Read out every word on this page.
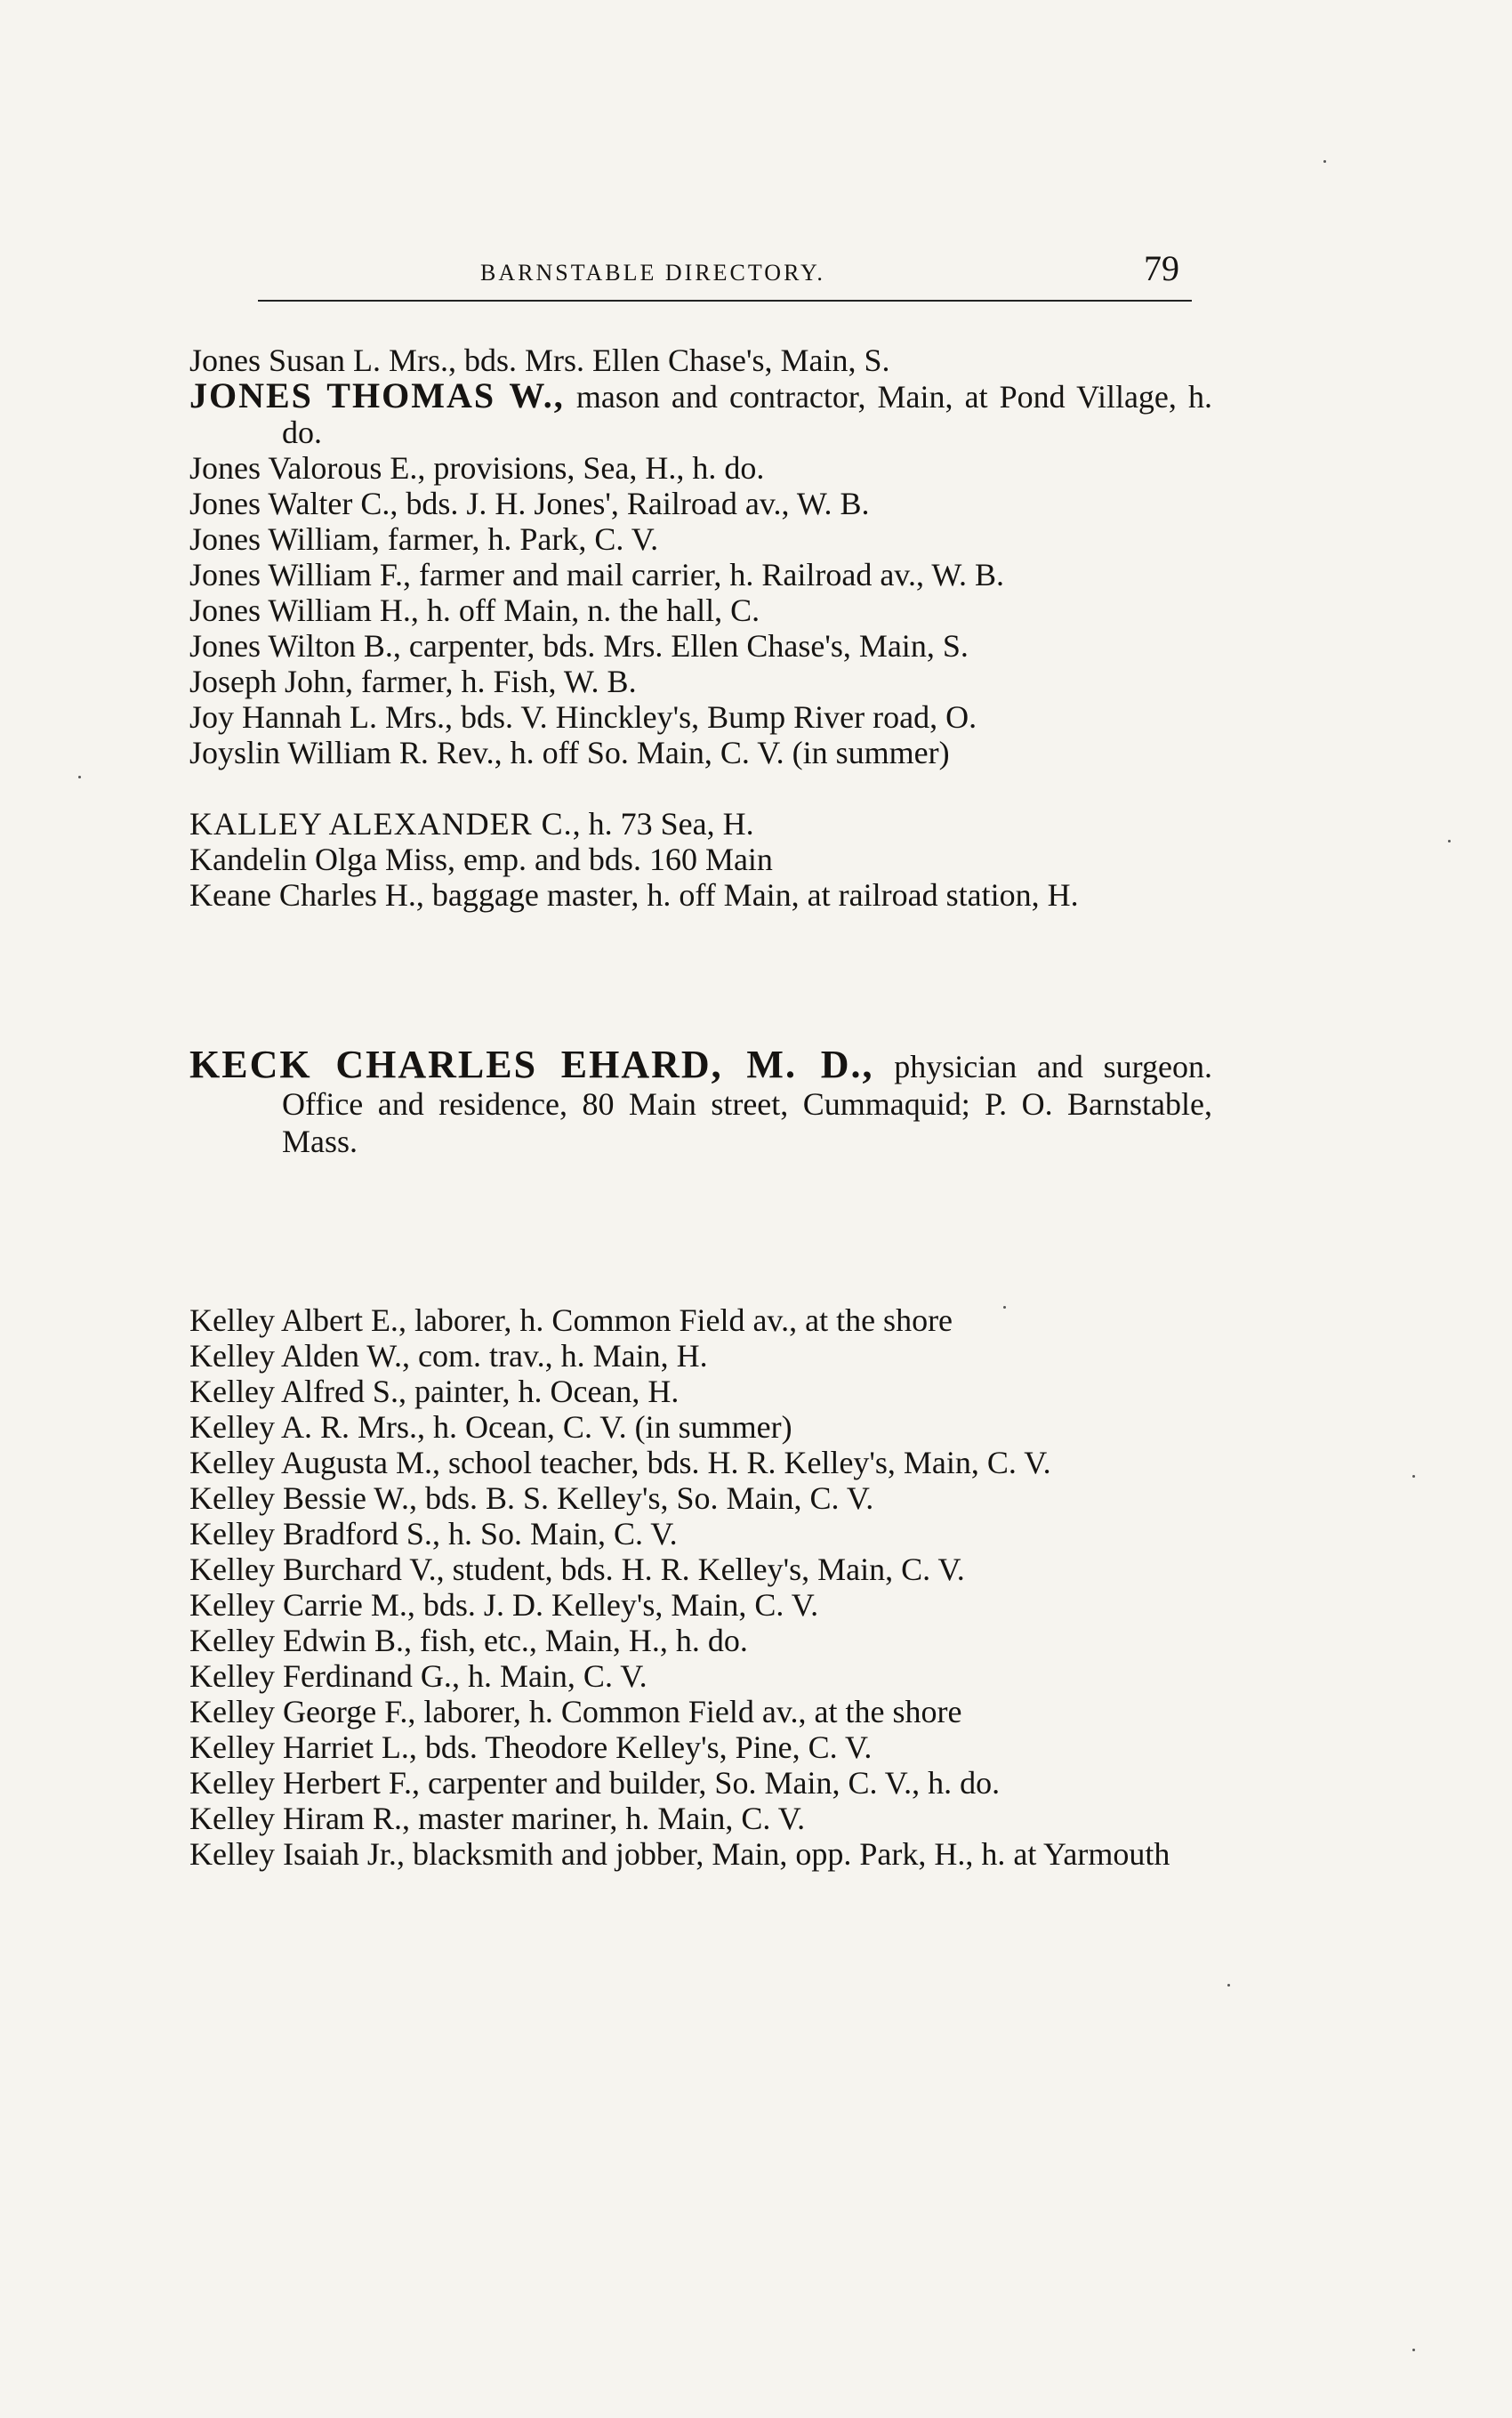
BARNSTABLE DIRECTORY.	79

Jones Susan L. Mrs., bds. Mrs. Ellen Chase's, Main, S.

JONES THOMAS W., mason and contractor, Main, at Pond Village, h. do.

Jones Valorous E., provisions, Sea, H., h. do.

Jones Walter C., bds. J. H. Jones', Railroad av., W. B.

Jones William, farmer, h. Park, C. V.

Jones William F., farmer and mail carrier, h. Railroad av., W. B.

Jones William H., h. off Main, n. the hall, C.

Jones Wilton B., carpenter, bds. Mrs. Ellen Chase's, Main, S.

Joseph John, farmer, h. Fish, W. B.

Joy Hannah L. Mrs., bds. V. Hinckley's, Bump River road, O.

Joyslin William R. Rev., h. off So. Main, C. V. (in summer)

KALLEY ALEXANDER C., h. 73 Sea, H.

Kandelin Olga Miss, emp. and bds. 160 Main

Keane Charles H., baggage master, h. off Main, at railroad station, H.

KECK CHARLES EHARD, M. D., physician and surgeon. Office and residence, 80 Main street, Cummaquid; P. O. Barnstable, Mass.

Kelley Albert E., laborer, h. Common Field av., at the shore

Kelley Alden W., com. trav., h. Main, H.

Kelley Alfred S., painter, h. Ocean, H.

Kelley A. R. Mrs., h. Ocean, C. V. (in summer)

Kelley Augusta M., school teacher, bds. H. R. Kelley's, Main, C. V.

Kelley Bessie W., bds. B. S. Kelley's, So. Main, C. V.

Kelley Bradford S., h. So. Main, C. V.

Kelley Burchard V., student, bds. H. R. Kelley's, Main, C. V.

Kelley Carrie M., bds. J. D. Kelley's, Main, C. V.

Kelley Edwin B., fish, etc., Main, H., h. do.

Kelley Ferdinand G., h. Main, C. V.

Kelley George F., laborer, h. Common Field av., at the shore

Kelley Harriet L., bds. Theodore Kelley's, Pine, C. V.

Kelley Herbert F., carpenter and builder, So. Main, C. V., h. do.

Kelley Hiram R., master mariner, h. Main, C. V.

Kelley Isaiah Jr., blacksmith and jobber, Main, opp. Park, H., h. at Yarmouth
